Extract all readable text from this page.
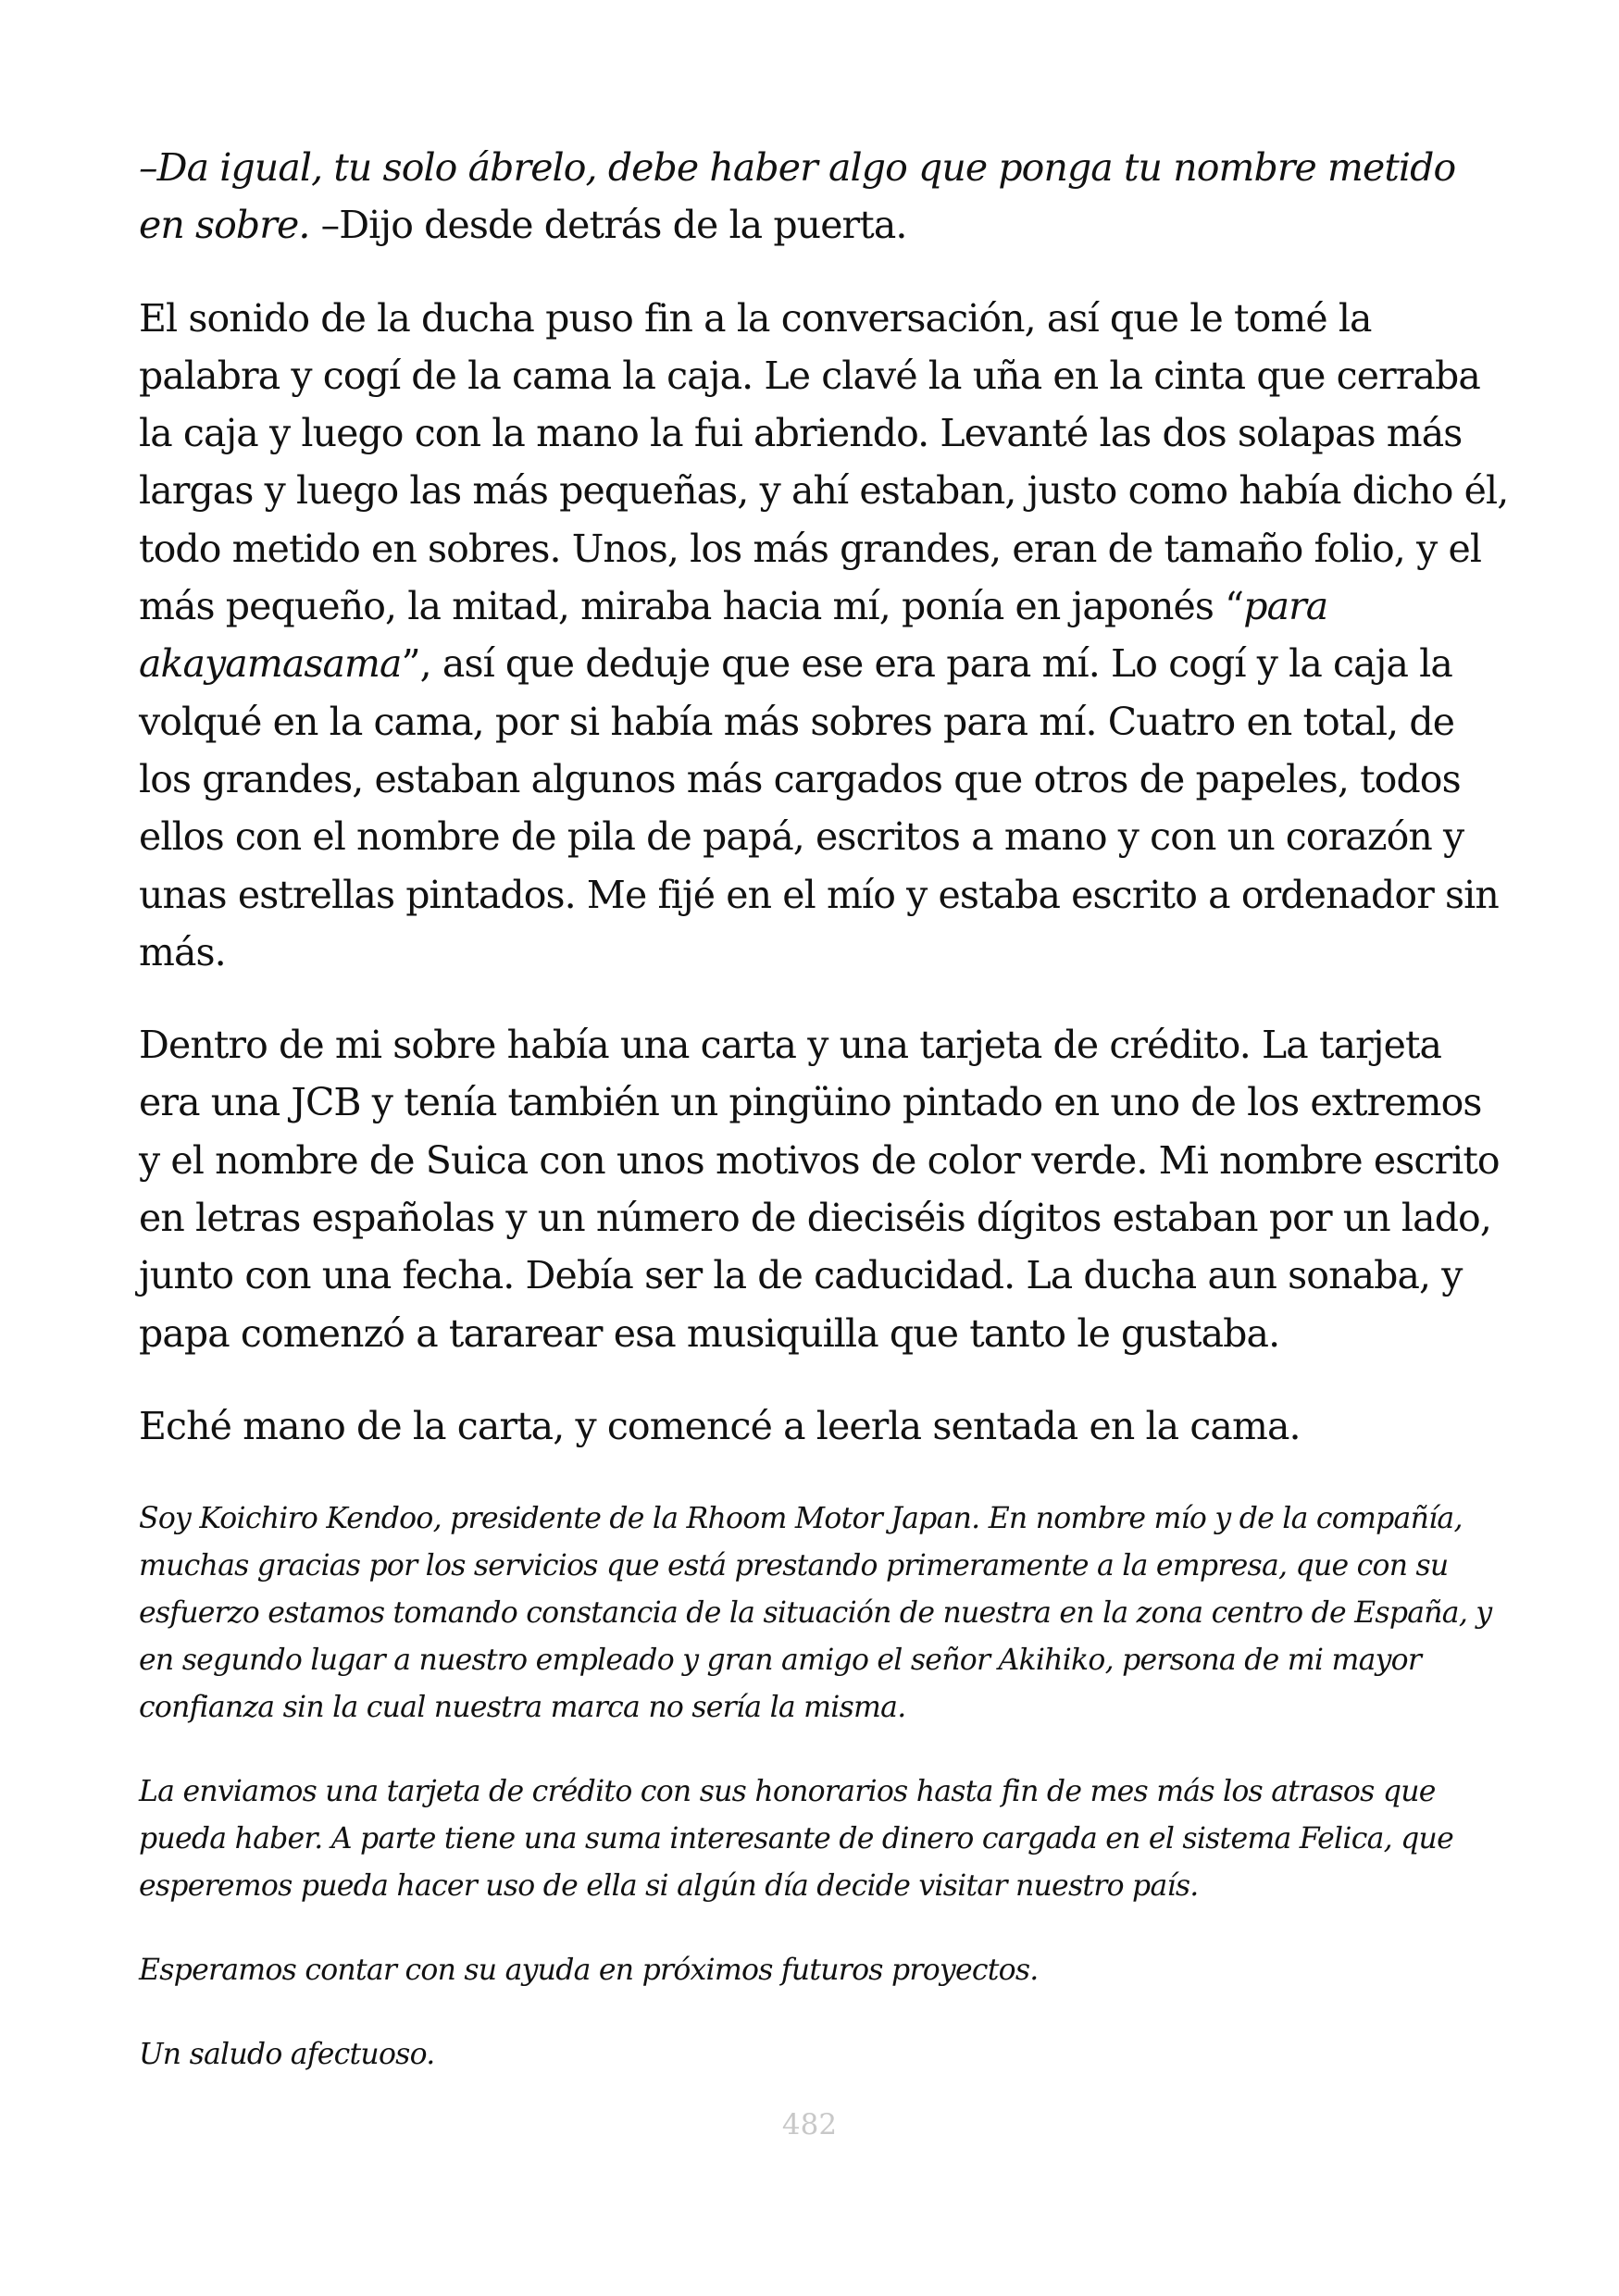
–Da igual, tu solo ábrelo, debe haber algo que ponga tu nombre metido en sobre. –Dijo desde detrás de la puerta.

El sonido de la ducha puso fin a la conversación, así que le tomé la palabra y cogí de la cama la caja. Le clavé la uña en la cinta que cerraba la caja y luego con la mano la fui abriendo. Levanté las dos solapas más largas y luego las más pequeñas, y ahí estaban, justo como había dicho él, todo metido en sobres. Unos, los más grandes, eran de tamaño folio, y el más pequeño, la mitad, miraba hacia mí, ponía en japonés “para akayamasama”, así que deduje que ese era para mí. Lo cogí y la caja la volqué en la cama, por si había más sobres para mí. Cuatro en total, de los grandes, estaban algunos más cargados que otros de papeles, todos ellos con el nombre de pila de papá, escritos a mano y con un corazón y unas estrellas pintados. Me fijé en el mío y estaba escrito a ordenador sin más.

Dentro de mi sobre había una carta y una tarjeta de crédito. La tarjeta era una JCB y tenía también un pingüino pintado en uno de los extremos y el nombre de Suica con unos motivos de color verde. Mi nombre escrito en letras españolas y un número de dieciséis dígitos estaban por un lado, junto con una fecha. Debía ser la de caducidad. La ducha aun sonaba, y papa comenzó a tararear esa musiquilla que tanto le gustaba.

Eché mano de la carta, y comencé a leerla sentada en la cama.

Soy Koichiro Kendoo, presidente de la Rhoom Motor Japan. En nombre mío y de la compañía, muchas gracias por los servicios que está prestando primeramente a la empresa, que con su esfuerzo estamos tomando constancia de la situación de nuestra en la zona centro de España, y en segundo lugar a nuestro empleado y gran amigo el señor Akihiko, persona de mi mayor confianza sin la cual nuestra marca no sería la misma.

La enviamos una tarjeta de crédito con sus honorarios hasta fin de mes más los atrasos que pueda haber. A parte tiene una suma interesante de dinero cargada en el sistema Felica, que esperemos pueda hacer uso de ella si algún día decide visitar nuestro país.

Esperamos contar con su ayuda en próximos futuros proyectos.

Un saludo afectuoso.

482
